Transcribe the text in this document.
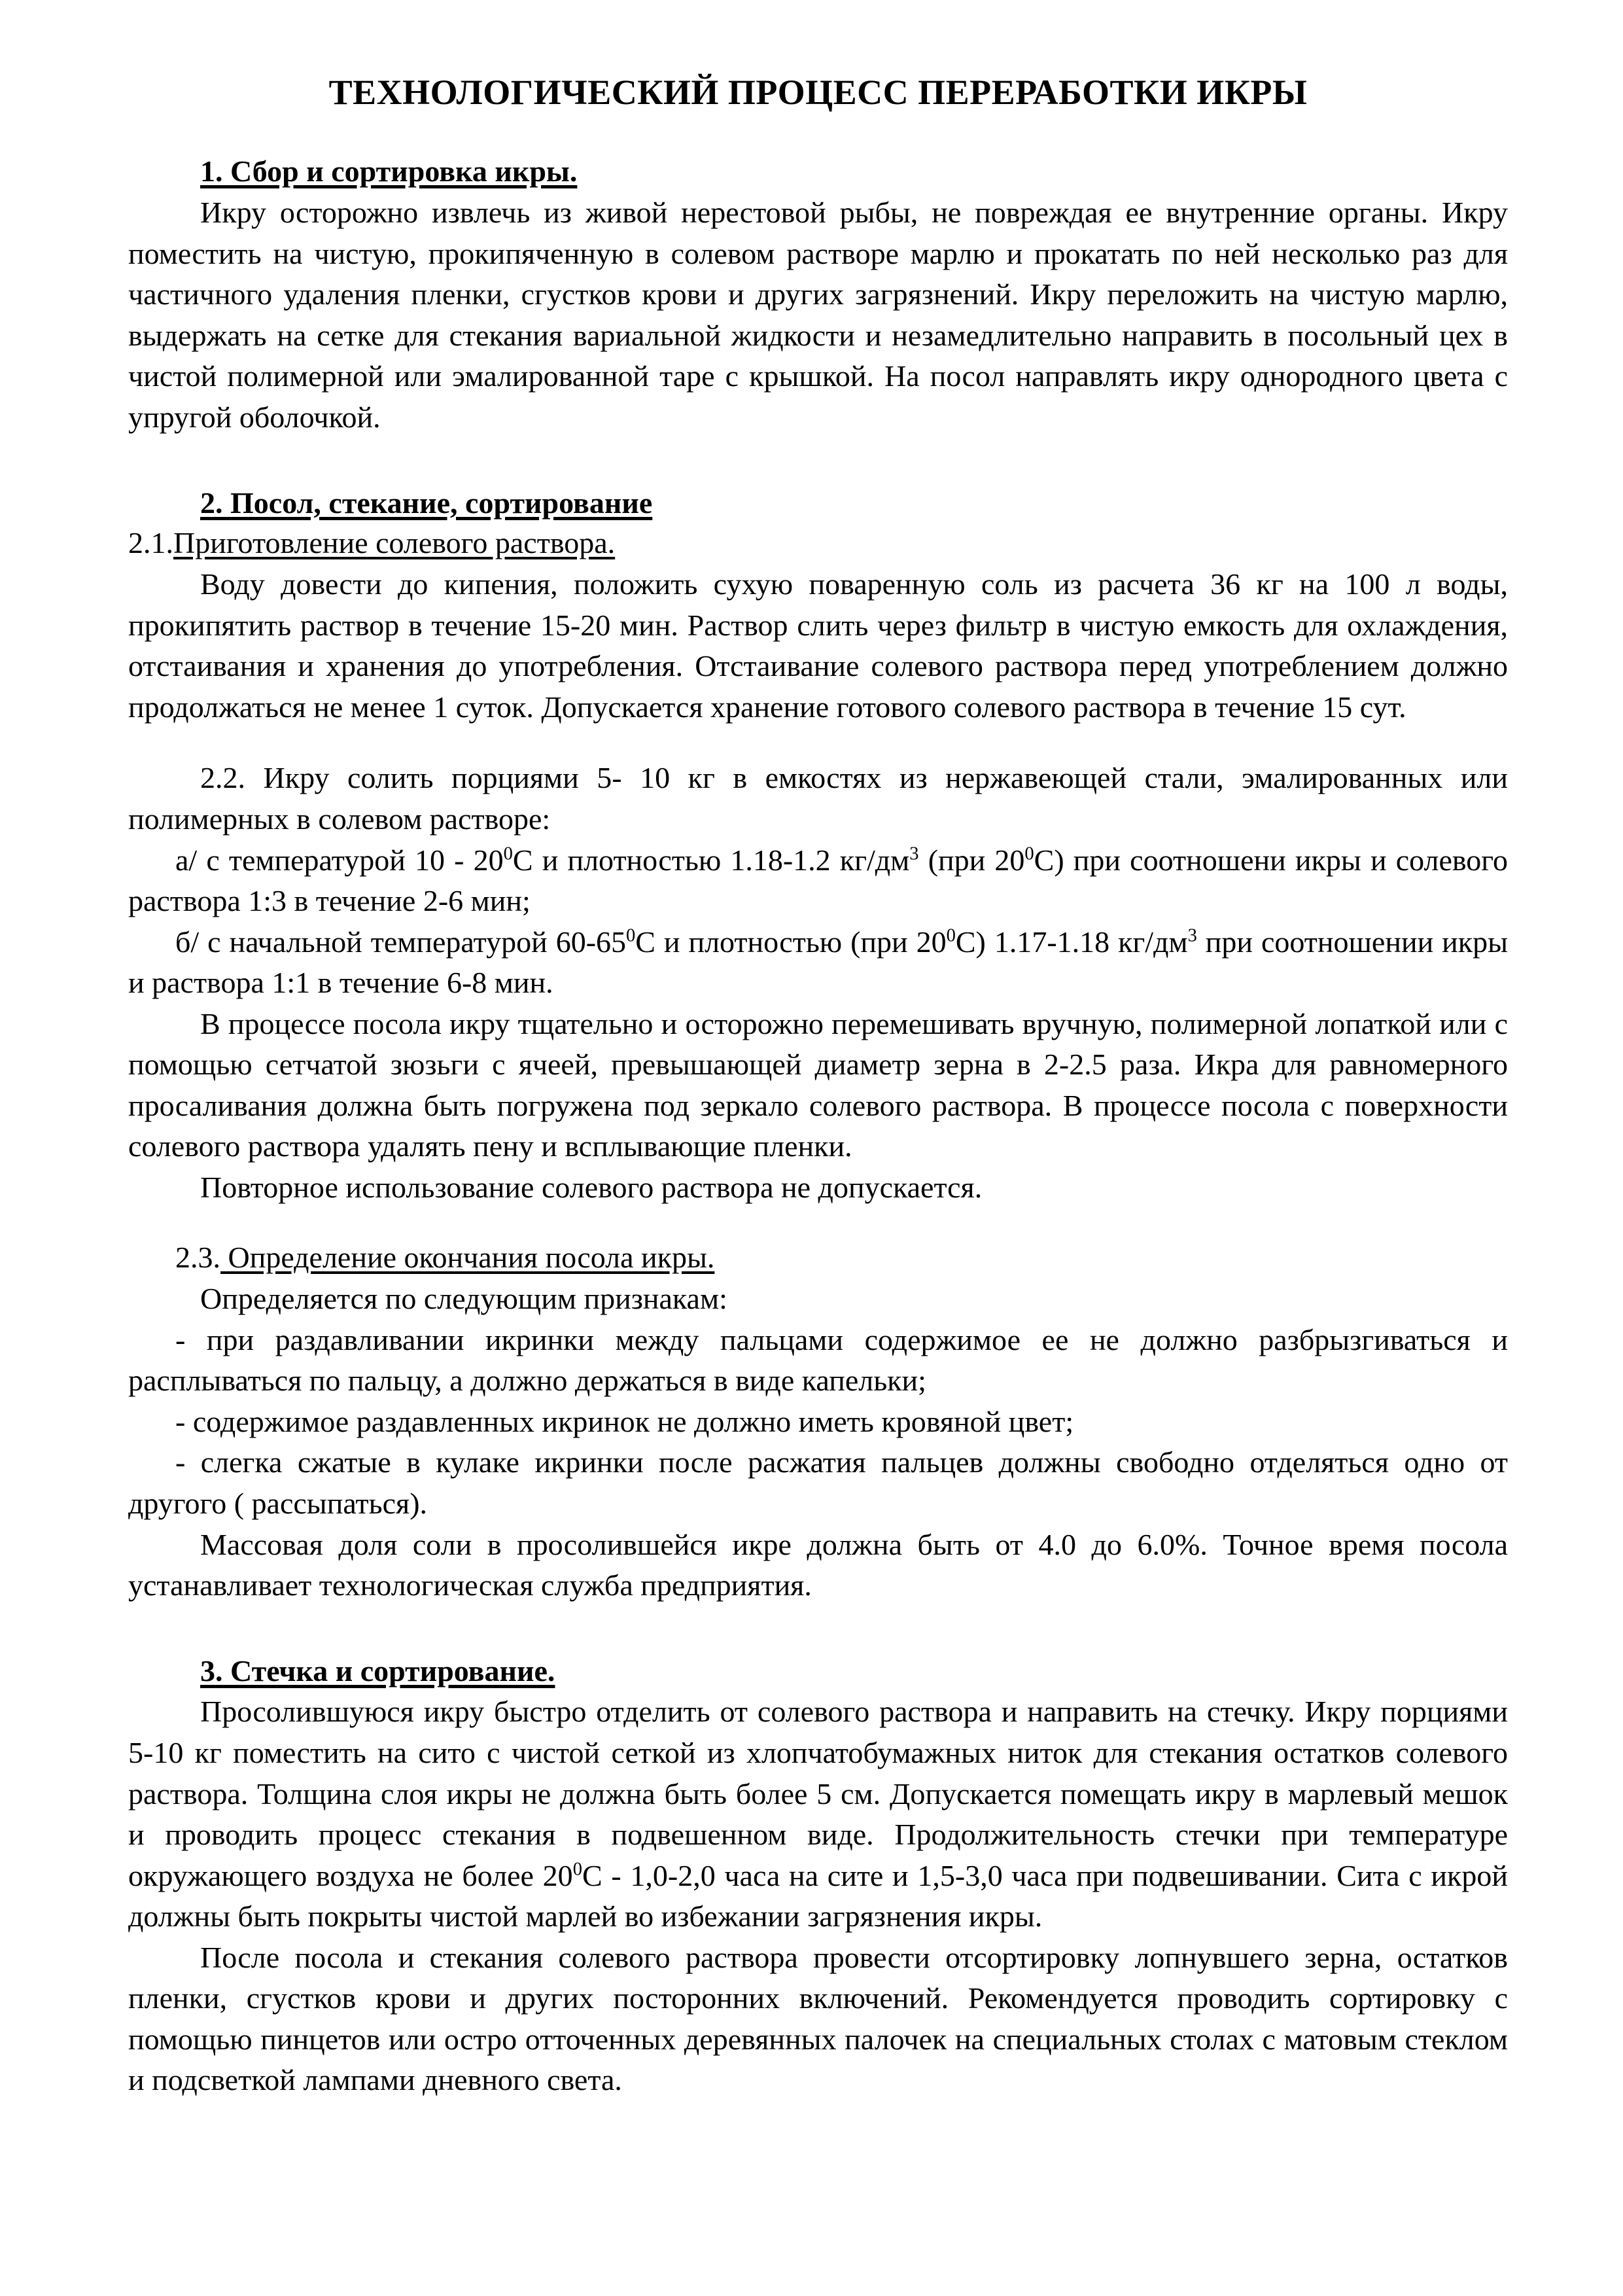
ТЕХНОЛОГИЧЕСКИЙ ПРОЦЕСС ПЕРЕРАБОТКИ ИКРЫ
1. Сбор и сортировка икры.

Икру осторожно извлечь из живой нерестовой рыбы, не повреждая ее внутренние органы. Икру поместить на чистую, прокипяченную в солевом растворе марлю и прокатать по ней несколько раз для частичного удаления пленки, сгустков крови и других загрязнений. Икру переложить на чистую марлю, выдержать на сетке для стекания вариальной жидкости и незамедлительно направить в посольный цех в чистой полимерной или эмалированной таре с крышкой. На посол направлять икру однородного цвета с упругой оболочкой.

2. Посол, стекание, сортирование
2.1.Приготовление солевого раствора.

Воду довести до кипения, положить сухую поваренную соль из расчета 36 кг на 100 л воды, прокипятить раствор в течение 15-20 мин. Раствор слить через фильтр в чистую емкость для охлаждения, отстаивания и хранения до употребления. Отстаивание солевого раствора перед употреблением должно продолжаться не менее 1 суток. Допускается хранение готового солевого раствора в течение 15 сут.

2.2. Икру солить порциями 5- 10 кг в емкостях из нержавеющей стали, эмалированных или полимерных в солевом растворе:

а/ с температурой $10 - 20^0С$ и плотностью 1.18-1.2 $кг/дм^3$ (при $20^0С$) при соотношени икры и солевого раствора 1:3 в течение 2-6 мин;

б/ с начальной температурой $60-65^0С$ и плотностью (при $20^0С$) 1.17-1.18 $кг/дм^3$ при соотношении икры и раствора 1:1 в течение 6-8 мин.

В процессе посола икру тщательно и осторожно перемешивать вручную, полимерной лопаткой или с помощью сетчатой зюзьги с ячеей, превышающей диаметр зерна в 2-2.5 раза. Икра для равномерного просаливания должна быть погружена под зеркало солевого раствора. В процессе посола с поверхности солевого раствора удалять пену и всплывающие пленки.

Повторное использование солевого раствора не допускается.

2.3. Определение окончания посола икры.

Определяется по следующим признакам:

- при раздавливании икринки между пальцами содержимое ее не должно разбрызгиваться и расплываться по пальцу, а должно держаться в виде капельки;

- содержимое раздавленных икринок не должно иметь кровяной цвет;

- слегка сжатые в кулаке икринки после расжатия пальцев должны свободно отделяться одно от другого ( рассыпаться).

Массовая доля соли в просолившейся икре должна быть от 4.0 до 6.0%. Точное время посола устанавливает технологическая служба предприятия.

3. Стечка и сортирование.

Просолившуюся икру быстро отделить от солевого раствора и направить на стечку. Икру порциями 5-10 кг поместить на сито с чистой сеткой из хлопчатобумажных ниток для стекания остатков солевого раствора. Толщина слоя икры не должна быть более 5 см. Допускается помещать икру в марлевый мешок и проводить процесс стекания в подвешенном виде. Продолжительность стечки при температуре окружающего воздуха не более $20^0С - 1,0-2,0$ часа на сите и 1,5-3,0 часа при подвешивании. Сита с икрой должны быть покрыты чистой марлей во избежании загрязнения икры.

После посола и стекания солевого раствора провести отсортировку лопнувшего зерна, остатков пленки, сгустков крови и других посторонних включений. Рекомендуется проводить сортировку с помощью пинцетов или остро отточенных деревянных палочек на специальных столах с матовым стеклом и подсветкой лампами дневного света.
